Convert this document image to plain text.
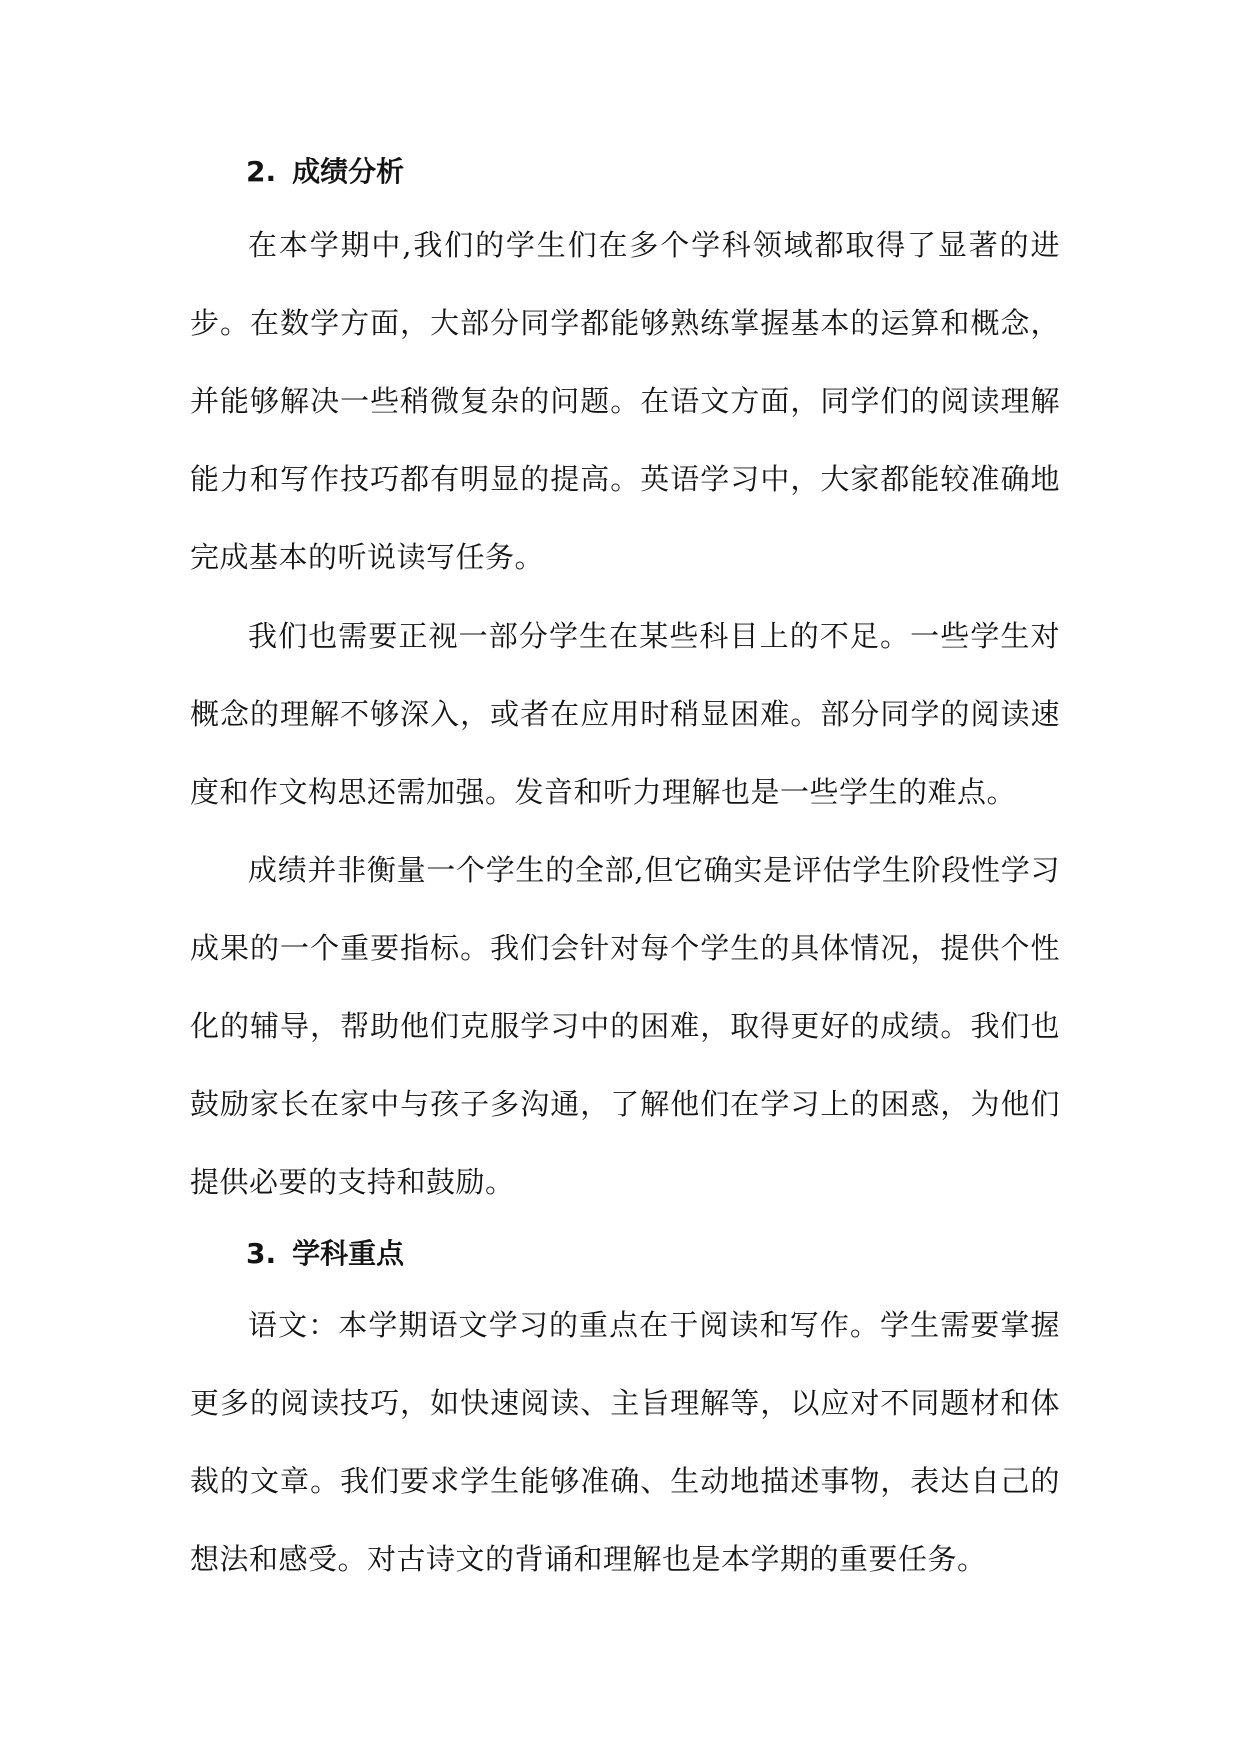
2. 成绩分析

在本学期中,我们的学生们在多个学科领域都取得了显著的进步。在数学方面，大部分同学都能够熟练掌握基本的运算和概念，并能够解决一些稍微复杂的问题。在语文方面，同学们的阅读理解能力和写作技巧都有明显的提高。英语学习中，大家都能较准确地完成基本的听说读写任务。

我们也需要正视一部分学生在某些科目上的不足。一些学生对概念的理解不够深入，或者在应用时稍显困难。部分同学的阅读速度和作文构思还需加强。发音和听力理解也是一些学生的难点。

成绩并非衡量一个学生的全部,但它确实是评估学生阶段性学习成果的一个重要指标。我们会针对每个学生的具体情况，提供个性化的辅导，帮助他们克服学习中的困难，取得更好的成绩。我们也鼓励家长在家中与孩子多沟通，了解他们在学习上的困惑，为他们提供必要的支持和鼓励。

3. 学科重点

语文：本学期语文学习的重点在于阅读和写作。学生需要掌握更多的阅读技巧，如快速阅读、主旨理解等，以应对不同题材和体裁的文章。我们要求学生能够准确、生动地描述事物，表达自己的想法和感受。对古诗文的背诵和理解也是本学期的重要任务。
